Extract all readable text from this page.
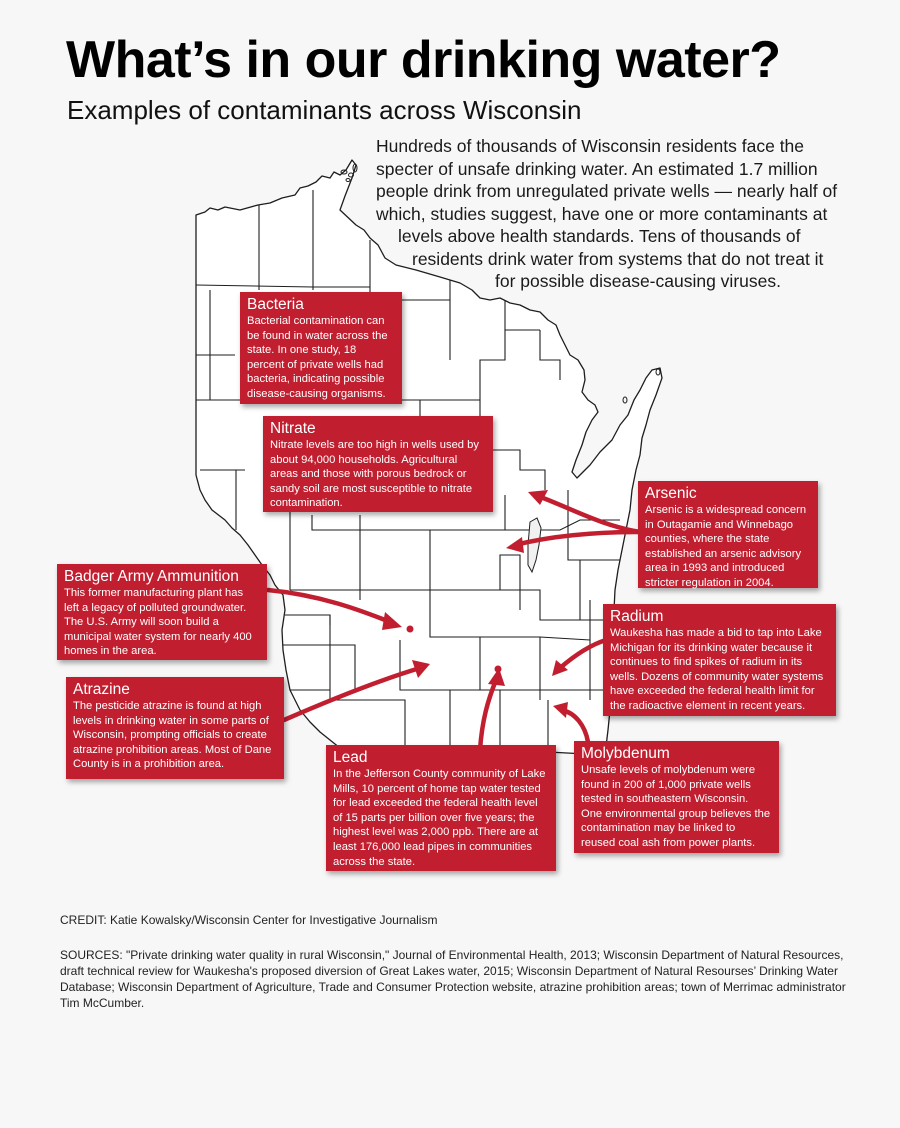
What’s in our drinking water?
Examples of contaminants across Wisconsin
Hundreds of thousands of Wisconsin residents face the
specter of unsafe drinking water. An estimated 1.7 million
people drink from unregulated private wells — nearly half of
which, studies suggest, have one or more contaminants at
levels above health standards. Tens of thousands of
residents drink water from systems that do not treat it
for possible disease-causing viruses.
Bacteria
Bacterial contamination can be found in water across the state. In one study, 18 percent of private wells had bacteria, indicating possible disease-causing organisms.
Nitrate
Nitrate levels are too high in wells used by about 94,000 households. Agricultural areas and those with porous bedrock or sandy soil are most susceptible to nitrate contamination.
Arsenic
Arsenic is a widespread concern in Outagamie and Winnebago counties, where the state established an arsenic advisory area in 1993 and introduced stricter regulation in 2004.
Badger Army Ammunition
This former manufacturing plant has left a legacy of polluted groundwater. The U.S. Army will soon build a municipal water system for nearly 400 homes in the area.
Radium
Waukesha has made a bid to tap into Lake Michigan for its drinking water because it continues to find spikes of radium in its wells. Dozens of community water systems have exceeded the federal health limit for the radioactive element in recent years.
Atrazine
The pesticide atrazine is found at high levels in drinking water in some parts of Wisconsin, prompting officials to create atrazine prohibition areas. Most of Dane County is in a prohibition area.	Lead
In the Jefferson County community of Lake Mills, 10 percent of home tap water tested for lead exceeded the federal health level of 15 parts per billion over five years; the highest level was 2,000 ppb. There are at least 176,000 lead pipes in communities across the state.
Molybdenum
Unsafe levels of molybdenum were found in 200 of 1,000 private wells tested in southeastern Wisconsin. One environmental group believes the contamination may be linked to reused coal ash from power plants.
CREDIT: Katie Kowalsky/Wisconsin Center for Investigative Journalism
SOURCES: "Private drinking water quality in rural Wisconsin," Journal of Environmental Health, 2013; Wisconsin Department of Natural Resources, draft technical review for Waukesha's proposed diversion of Great Lakes water, 2015; Wisconsin Department of Natural Resourses’ Drinking Water Database; Wisconsin Department of Agriculture, Trade and Consumer Protection website, atrazine prohibition areas; town of Merrimac administrator Tim McCumber.
